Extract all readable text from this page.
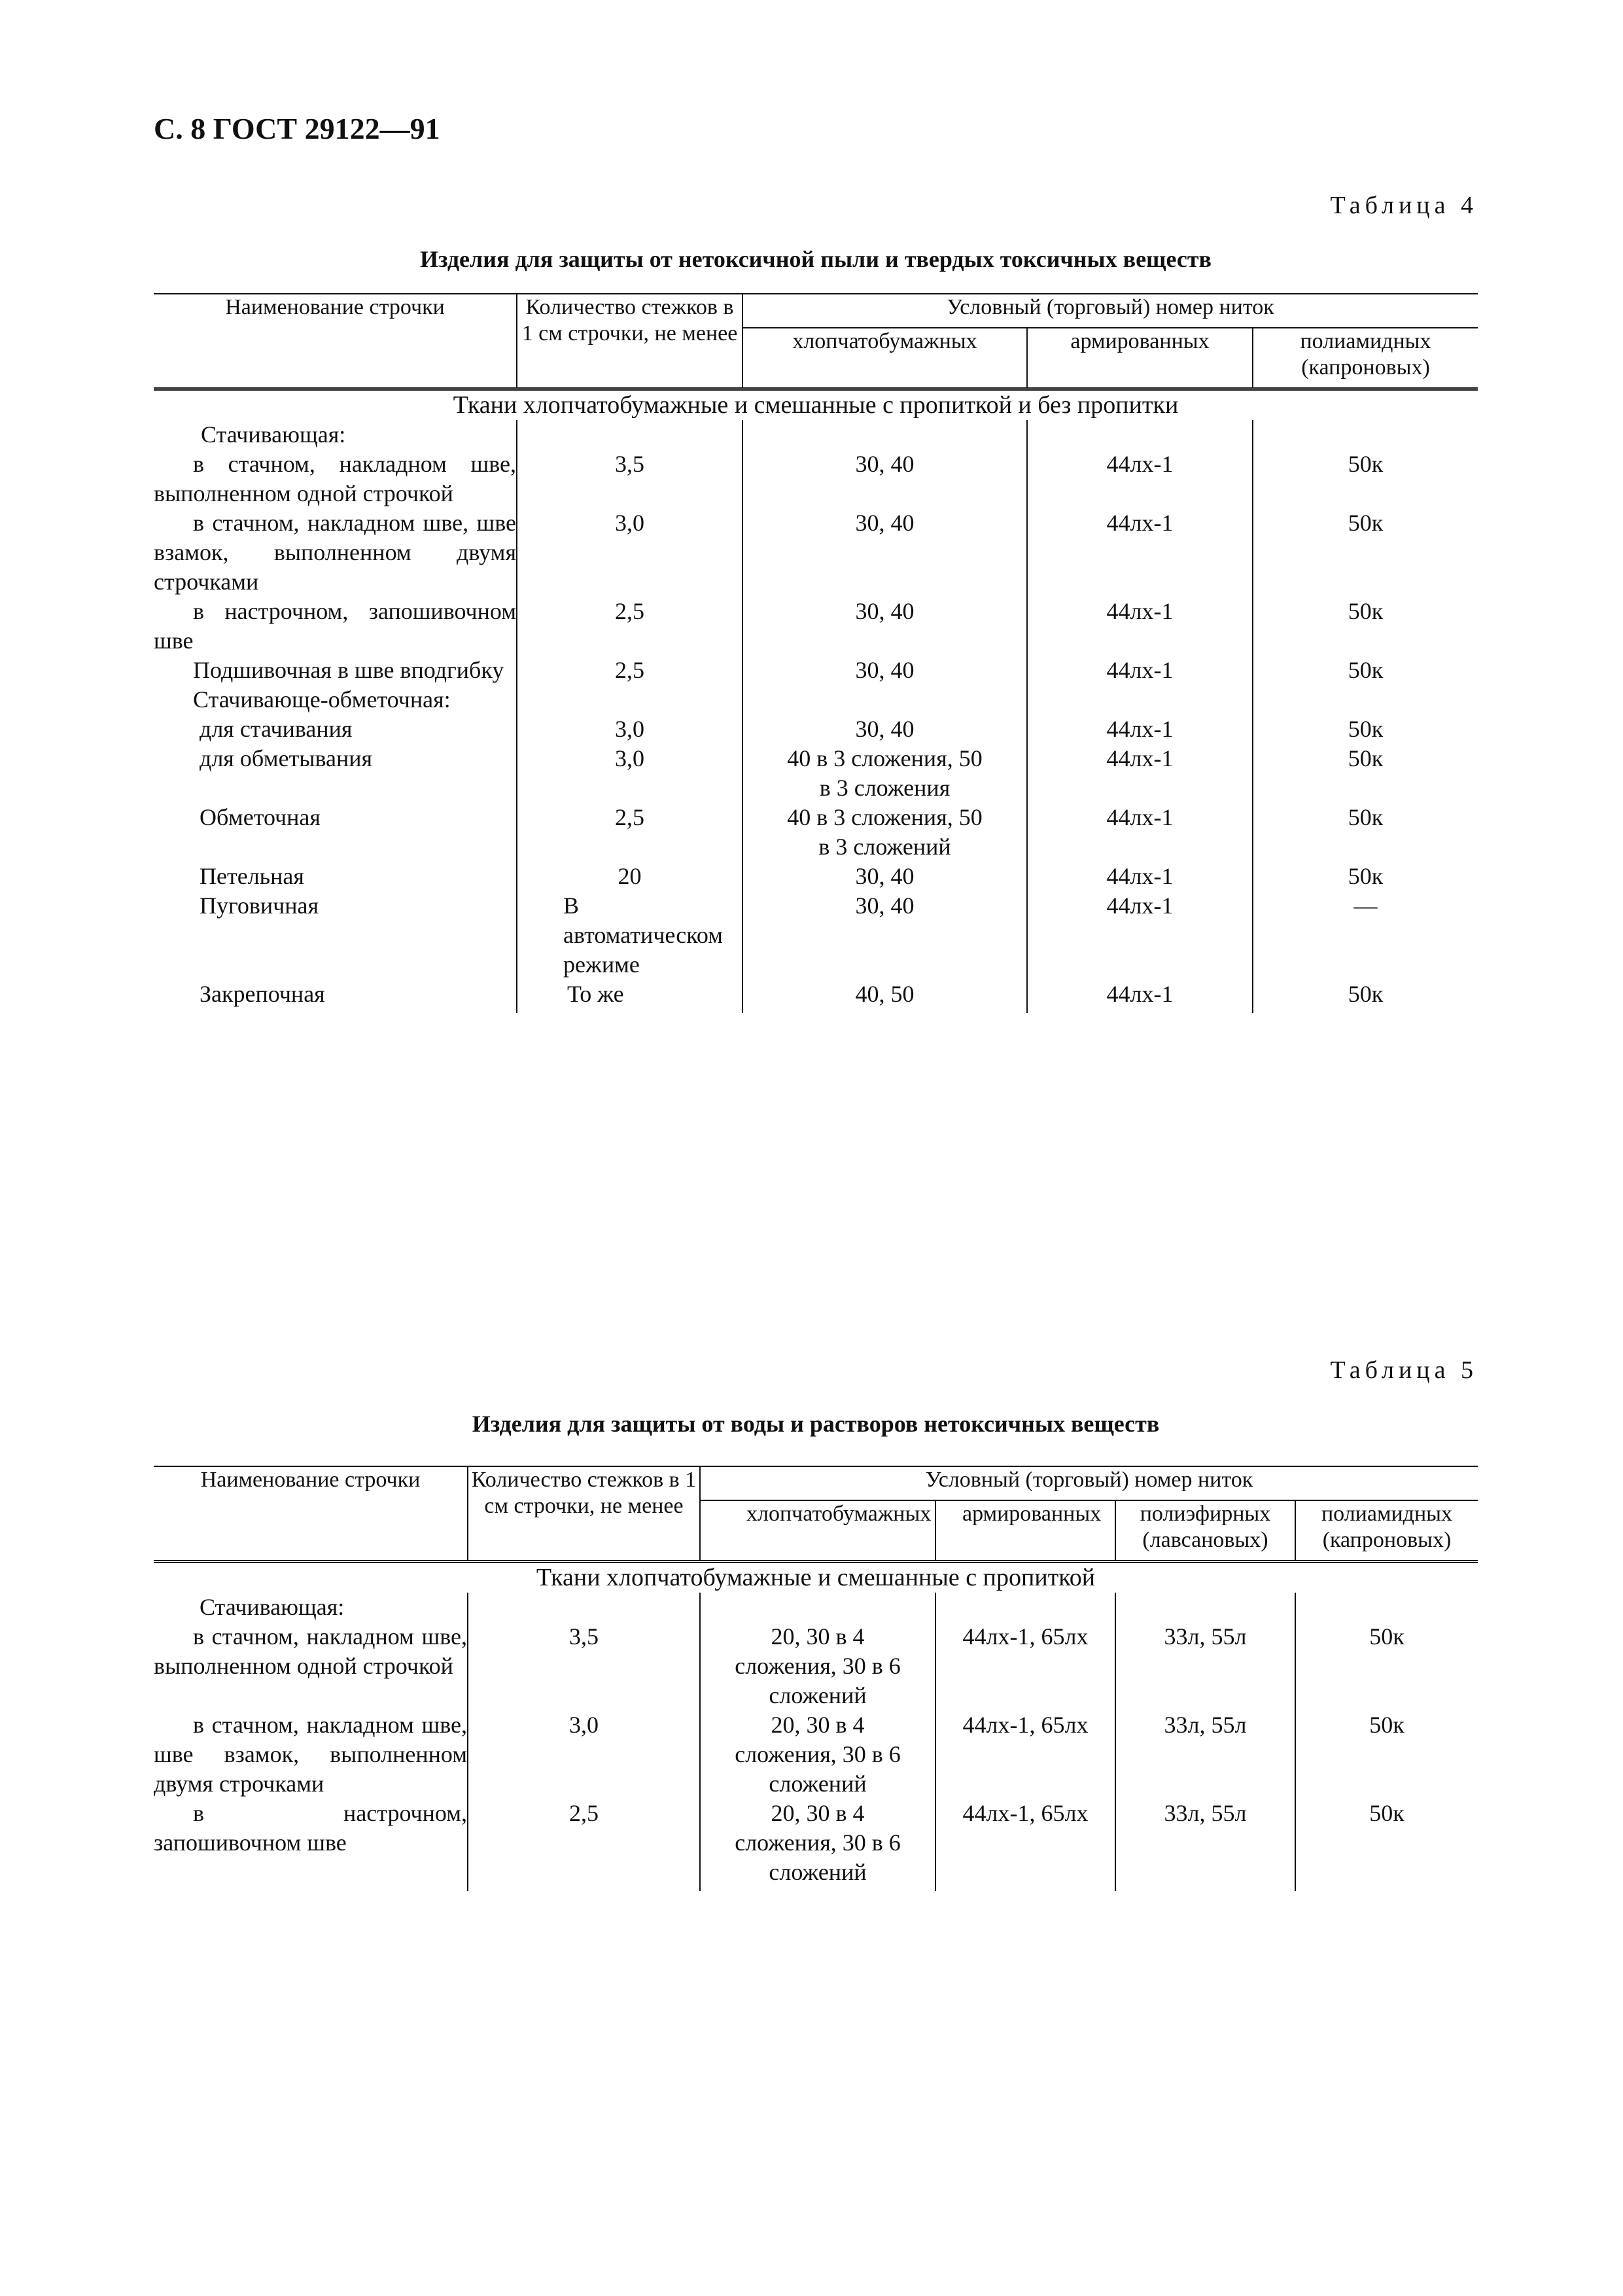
С. 8 ГОСТ 29122—91

Таблица 4

Изделия для защиты от нетоксичной пыли и твердых токсичных веществ

Наименование строчки	Количество стежков в 1 см строчки, не менее	Условный (торговый) номер ниток		
		хлопчатобумажных	армированных	полиамидных (капроновых)
Ткани хлопчатобумажные и смешанные с пропиткой и без пропитки				
Стачивающая:				
в стачном, накладном шве, выполненном одной строчкой	3,5	30, 40	44лх-1	50к
в стачном, накладном шве, шве взамок, выполненном двумя строчками	3,0	30, 40	44лх-1	50к
в настрочном, запошивочном шве	2,5	30, 40	44лх-1	50к
Подшивочная в шве вподгибку	2,5	30, 40	44лх-1	50к
Стачивающе-обметочная:				
для стачивания	3,0	30, 40	44лх-1	50к
для обметывания	3,0	40 в 3 сложения, 50 в 3 сложения	44лх-1	50к
Обметочная	2,5	40 в 3 сложения, 50 в 3 сложений	44лх-1	50к
Петельная	20	30, 40	44лх-1	50к
Пуговичная	В автоматическом режиме	30, 40	44лх-1	—
Закрепочная	То же	40, 50	44лх-1	50к

Таблица 5

Изделия для защиты от воды и растворов нетоксичных веществ

Наименование строчки	Количество стежков в 1 см строчки, не менее	Условный (торговый) номер ниток			
		хлопчатобумажных	армированных	полиэфирных (лавсановых)	полиамидных (капроновых)
Ткани хлопчатобумажные и смешанные с пропиткой					
Стачивающая:					
в стачном, накладном шве, выполненном одной строчкой	3,5	20, 30 в 4 сложения, 30 в 6 сложений	44лх-1, 65лх	33л, 55л	50к
в стачном, накладном шве, шве взамок, выполненном двумя строчками	3,0	20, 30 в 4 сложения, 30 в 6 сложений	44лх-1, 65лх	33л, 55л	50к
в настрочном, запошивочном шве	2,5	20, 30 в 4 сложения, 30 в 6 сложений	44лх-1, 65лх	33л, 55л	50к
